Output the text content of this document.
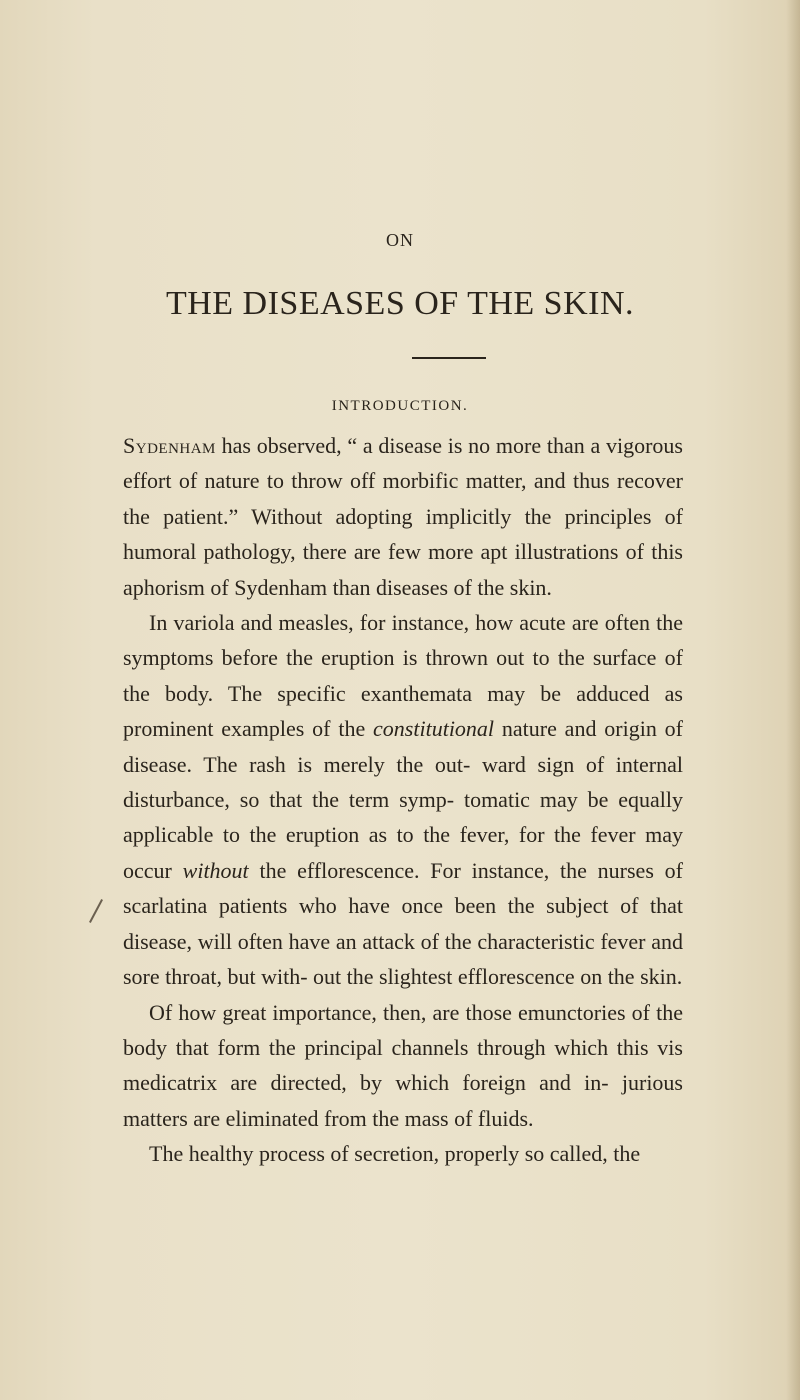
ON
THE DISEASES OF THE SKIN.
INTRODUCTION.

Sydenham has observed, “ a disease is no more than a vigorous effort of nature to throw off morbific matter, and thus recover the patient.” Without adopting implicitly the principles of humoral pathology, there are few more apt illustrations of this aphorism of Sydenham than diseases of the skin.

In variola and measles, for instance, how acute are often the symptoms before the eruption is thrown out to the surface of the body. The specific exanthemata may be adduced as prominent examples of the constitutional nature and origin of disease. The rash is merely the out- ward sign of internal disturbance, so that the term symp- tomatic may be equally applicable to the eruption as to the fever, for the fever may occur without the efflorescence. For instance, the nurses of scarlatina patients who have once been the subject of that disease, will often have an attack of the characteristic fever and sore throat, but with- out the slightest efflorescence on the skin.

Of how great importance, then, are those emunctories of the body that form the principal channels through which this vis medicatrix are directed, by which foreign and in- jurious matters are eliminated from the mass of fluids.

The healthy process of secretion, properly so called, the
